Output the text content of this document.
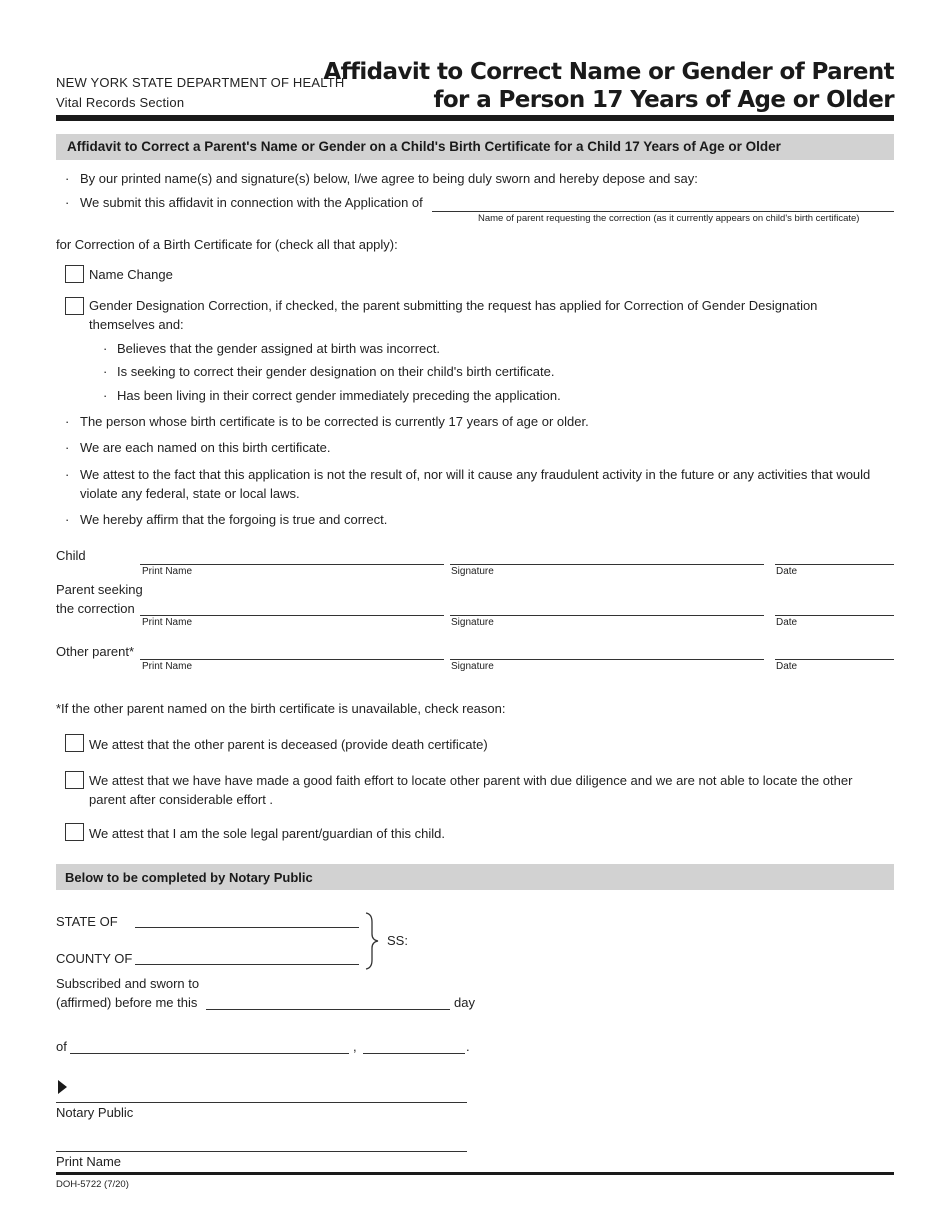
NEW YORK STATE DEPARTMENT OF HEALTH
Vital Records Section
Affidavit to Correct Name or Gender of Parent
for a Person 17 Years of Age or Older
Affidavit to Correct a Parent's Name or Gender on a Child's Birth Certificate for a Child 17 Years of Age or Older
· By our printed name(s) and signature(s) below, I/we agree to being duly sworn and hereby depose and say:
· We submit this affidavit in connection with the Application of
Name of parent requesting the correction (as it currently appears on child's birth certificate)
for Correction of a Birth Certificate for (check all that apply):
Name Change
Gender Designation Correction, if checked, the parent submitting the request has applied for Correction of Gender Designation
themselves and:
· Believes that the gender assigned at birth was incorrect.
· Is seeking to correct their gender designation on their child's birth certificate.
· Has been living in their correct gender immediately preceding the application.
· The person whose birth certificate is to be corrected is currently 17 years of age or older.
· We are each named on this birth certificate.
· We attest to the fact that this application is not the result of, nor will it cause any fraudulent activity in the future or any activities that would
violate any federal, state or local laws.
· We hereby affirm that the forgoing is true and correct.
Child
Print Name	Signature	Date
Parent seeking
the correction
Print Name	Signature	Date
Other parent*
Print Name	Signature	Date
*If the other parent named on the birth certificate is unavailable, check reason:
We attest that the other parent is deceased (provide death certificate)
We attest that we have have made a good faith effort to locate other parent with due diligence and we are not able to locate the other
parent after considerable effort .
We attest that I am the sole legal parent/guardian of this child.
Below to be completed by Notary Public
STATE OF
COUNTY OF
SS:
Subscribed and sworn to
(affirmed) before me this	day
of	,	.
Notary Public
Print Name
DOH-5722 (7/20)
